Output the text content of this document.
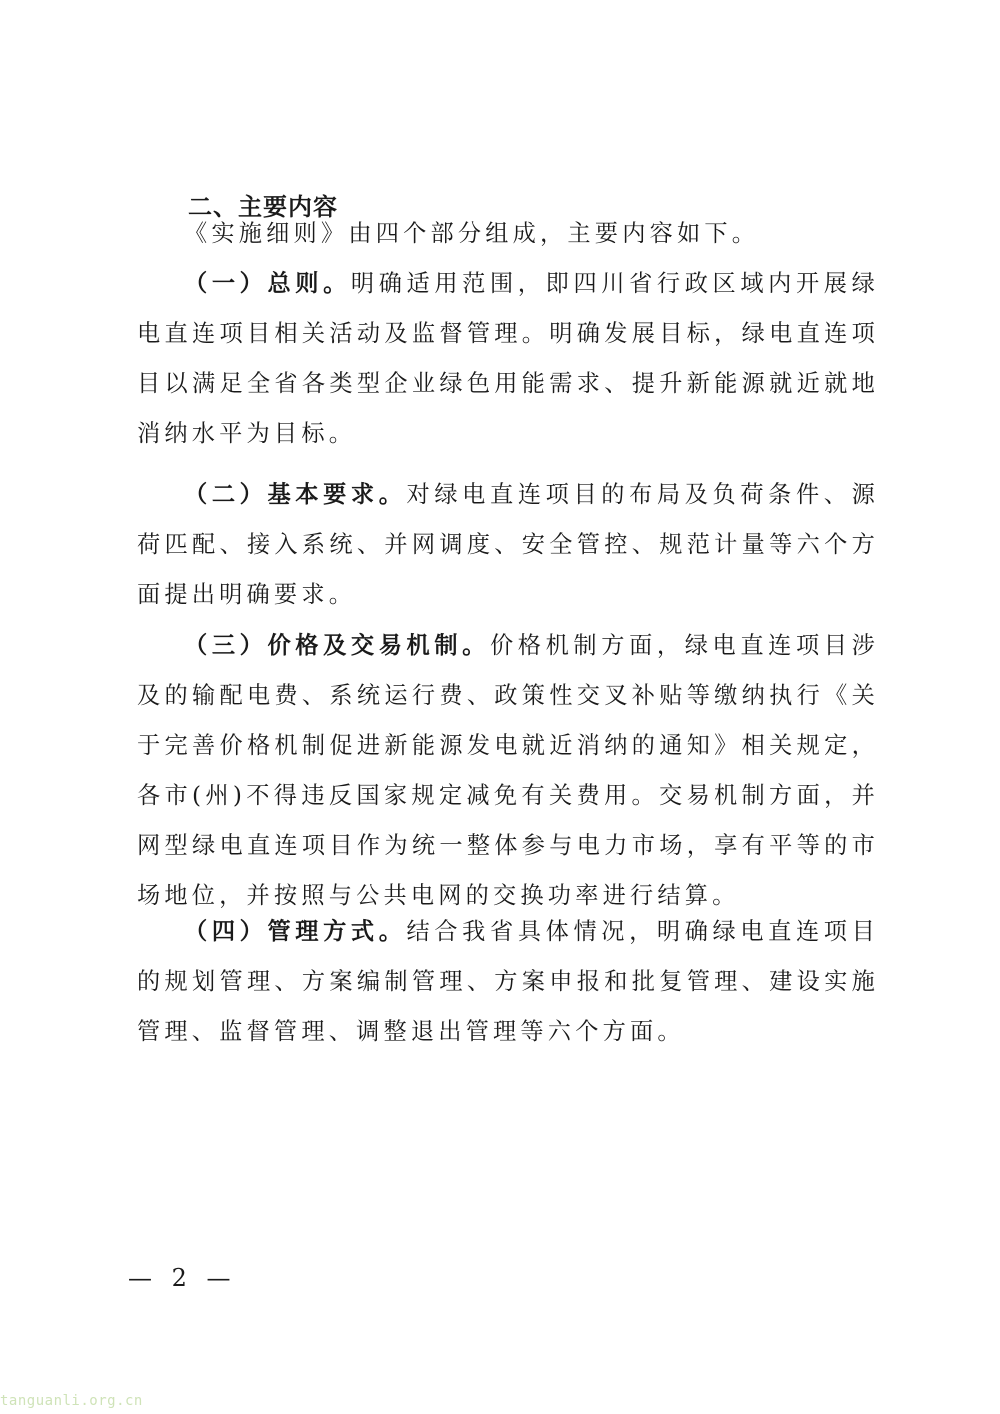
二、主要内容
《实施细则》由四个部分组成，主要内容如下。
（一）总则。明确适用范围，即四川省行政区域内开展绿电直连项目相关活动及监督管理。明确发展目标，绿电直连项目以满足全省各类型企业绿色用能需求、提升新能源就近就地消纳水平为目标。
（二）基本要求。对绿电直连项目的布局及负荷条件、源荷匹配、接入系统、并网调度、安全管控、规范计量等六个方面提出明确要求。
（三）价格及交易机制。价格机制方面，绿电直连项目涉及的输配电费、系统运行费、政策性交叉补贴等缴纳执行《关于完善价格机制促进新能源发电就近消纳的通知》相关规定，各市(州)不得违反国家规定减免有关费用。交易机制方面，并网型绿电直连项目作为统一整体参与电力市场，享有平等的市场地位，并按照与公共电网的交换功率进行结算。
（四）管理方式。结合我省具体情况，明确绿电直连项目的规划管理、方案编制管理、方案申报和批复管理、建设实施管理、监督管理、调整退出管理等六个方面。
— 2 —
tanguanli.org.cn
